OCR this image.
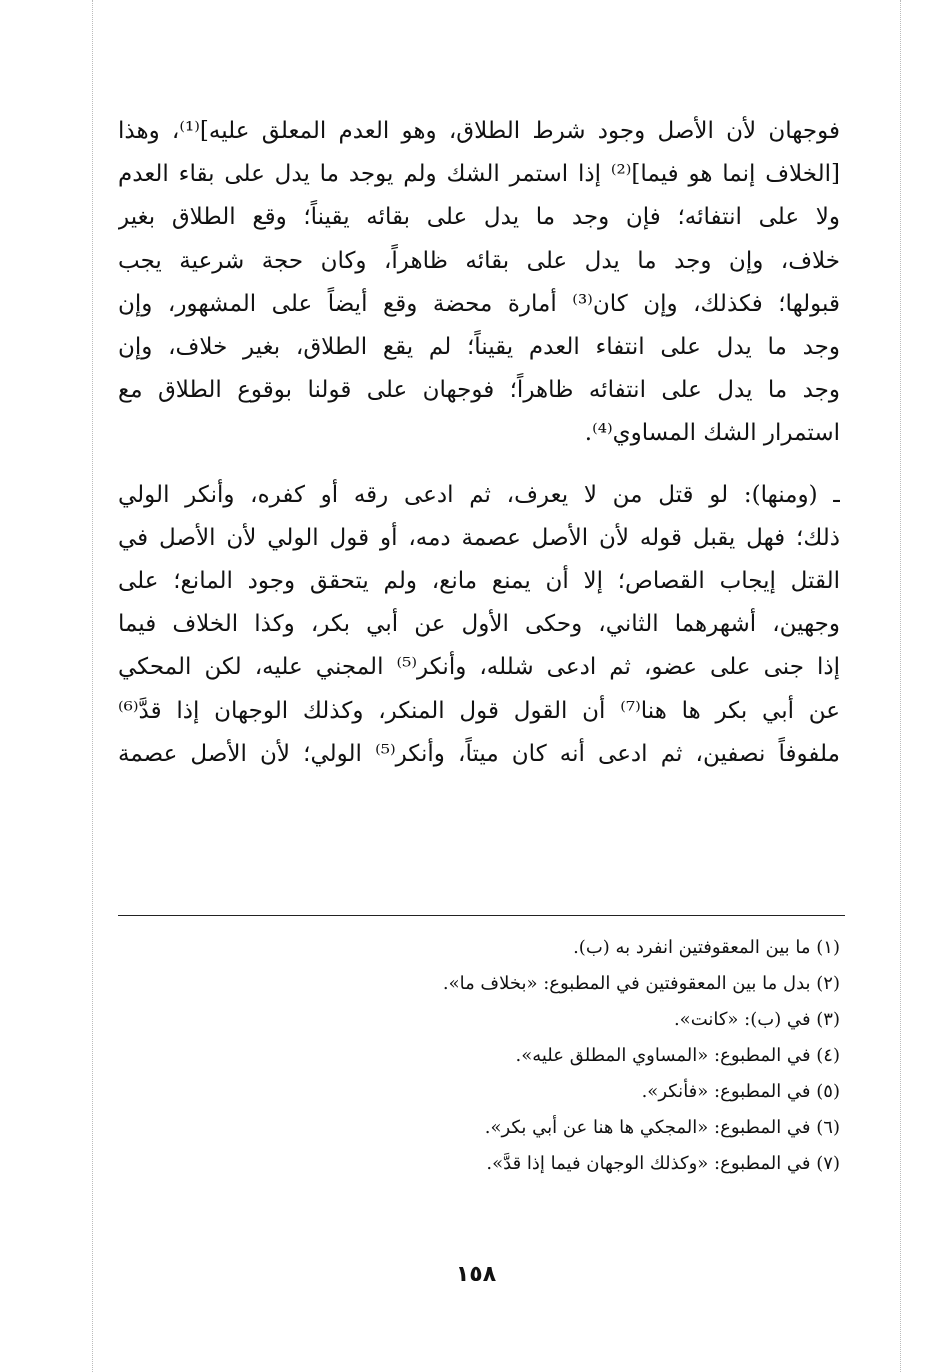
فوجهان لأن الأصل وجود شرط الطلاق، وهو العدم المعلق عليه]⁽¹⁾، وهذا
[الخلاف إنما هو فيما]⁽²⁾ إذا استمر الشك ولم يوجد ما يدل على بقاء العدم
ولا على انتفائه؛ فإن وجد ما يدل على بقائه يقيناً؛ وقع الطلاق بغير
خلاف، وإن وجد ما يدل على بقائه ظاهراً، وكان حجة شرعية يجب
قبولها؛ فكذلك، وإن كان⁽³⁾ أمارة محضة وقع أيضاً على المشهور، وإن
وجد ما يدل على انتفاء العدم يقيناً؛ لم يقع الطلاق، بغير خلاف، وإن
وجد ما يدل على انتفائه ظاهراً؛ فوجهان على قولنا بوقوع الطلاق مع
استمرار الشك المساوي⁽⁴⁾.

ـ (ومنها): لو قتل من لا يعرف، ثم ادعى رقه أو كفره، وأنكر الولي
ذلك؛ فهل يقبل قوله لأن الأصل عصمة دمه، أو قول الولي لأن الأصل في
القتل إيجاب القصاص؛ إلا أن يمنع مانع، ولم يتحقق وجود المانع؛ على
وجهين، أشهرهما الثاني، وحكى الأول عن أبي بكر، وكذا الخلاف فيما
إذا جنى على عضو، ثم ادعى شلله، وأنكر⁽⁵⁾ المجني عليه، لكن المحكي
عن أبي بكر ها هنا⁽⁷⁾ أن القول قول المنكر، وكذلك الوجهان إذا قدَّ⁽⁶⁾
ملفوفاً نصفين، ثم ادعى أنه كان ميتاً، وأنكر⁽⁵⁾ الولي؛ لأن الأصل عصمة

(١) ما بين المعقوفتين انفرد به (ب).
(٢) بدل ما بين المعقوفتين في المطبوع: «بخلاف ما».
(٣) في (ب): «كانت».
(٤) في المطبوع: «المساوي المطلق عليه».
(٥) في المطبوع: «فأنكر».
(٦) في المطبوع: «المجكي ها هنا عن أبي بكر».
(٧) في المطبوع: «وكذلك الوجهان فيما إذا قدَّ».
١٥٨
